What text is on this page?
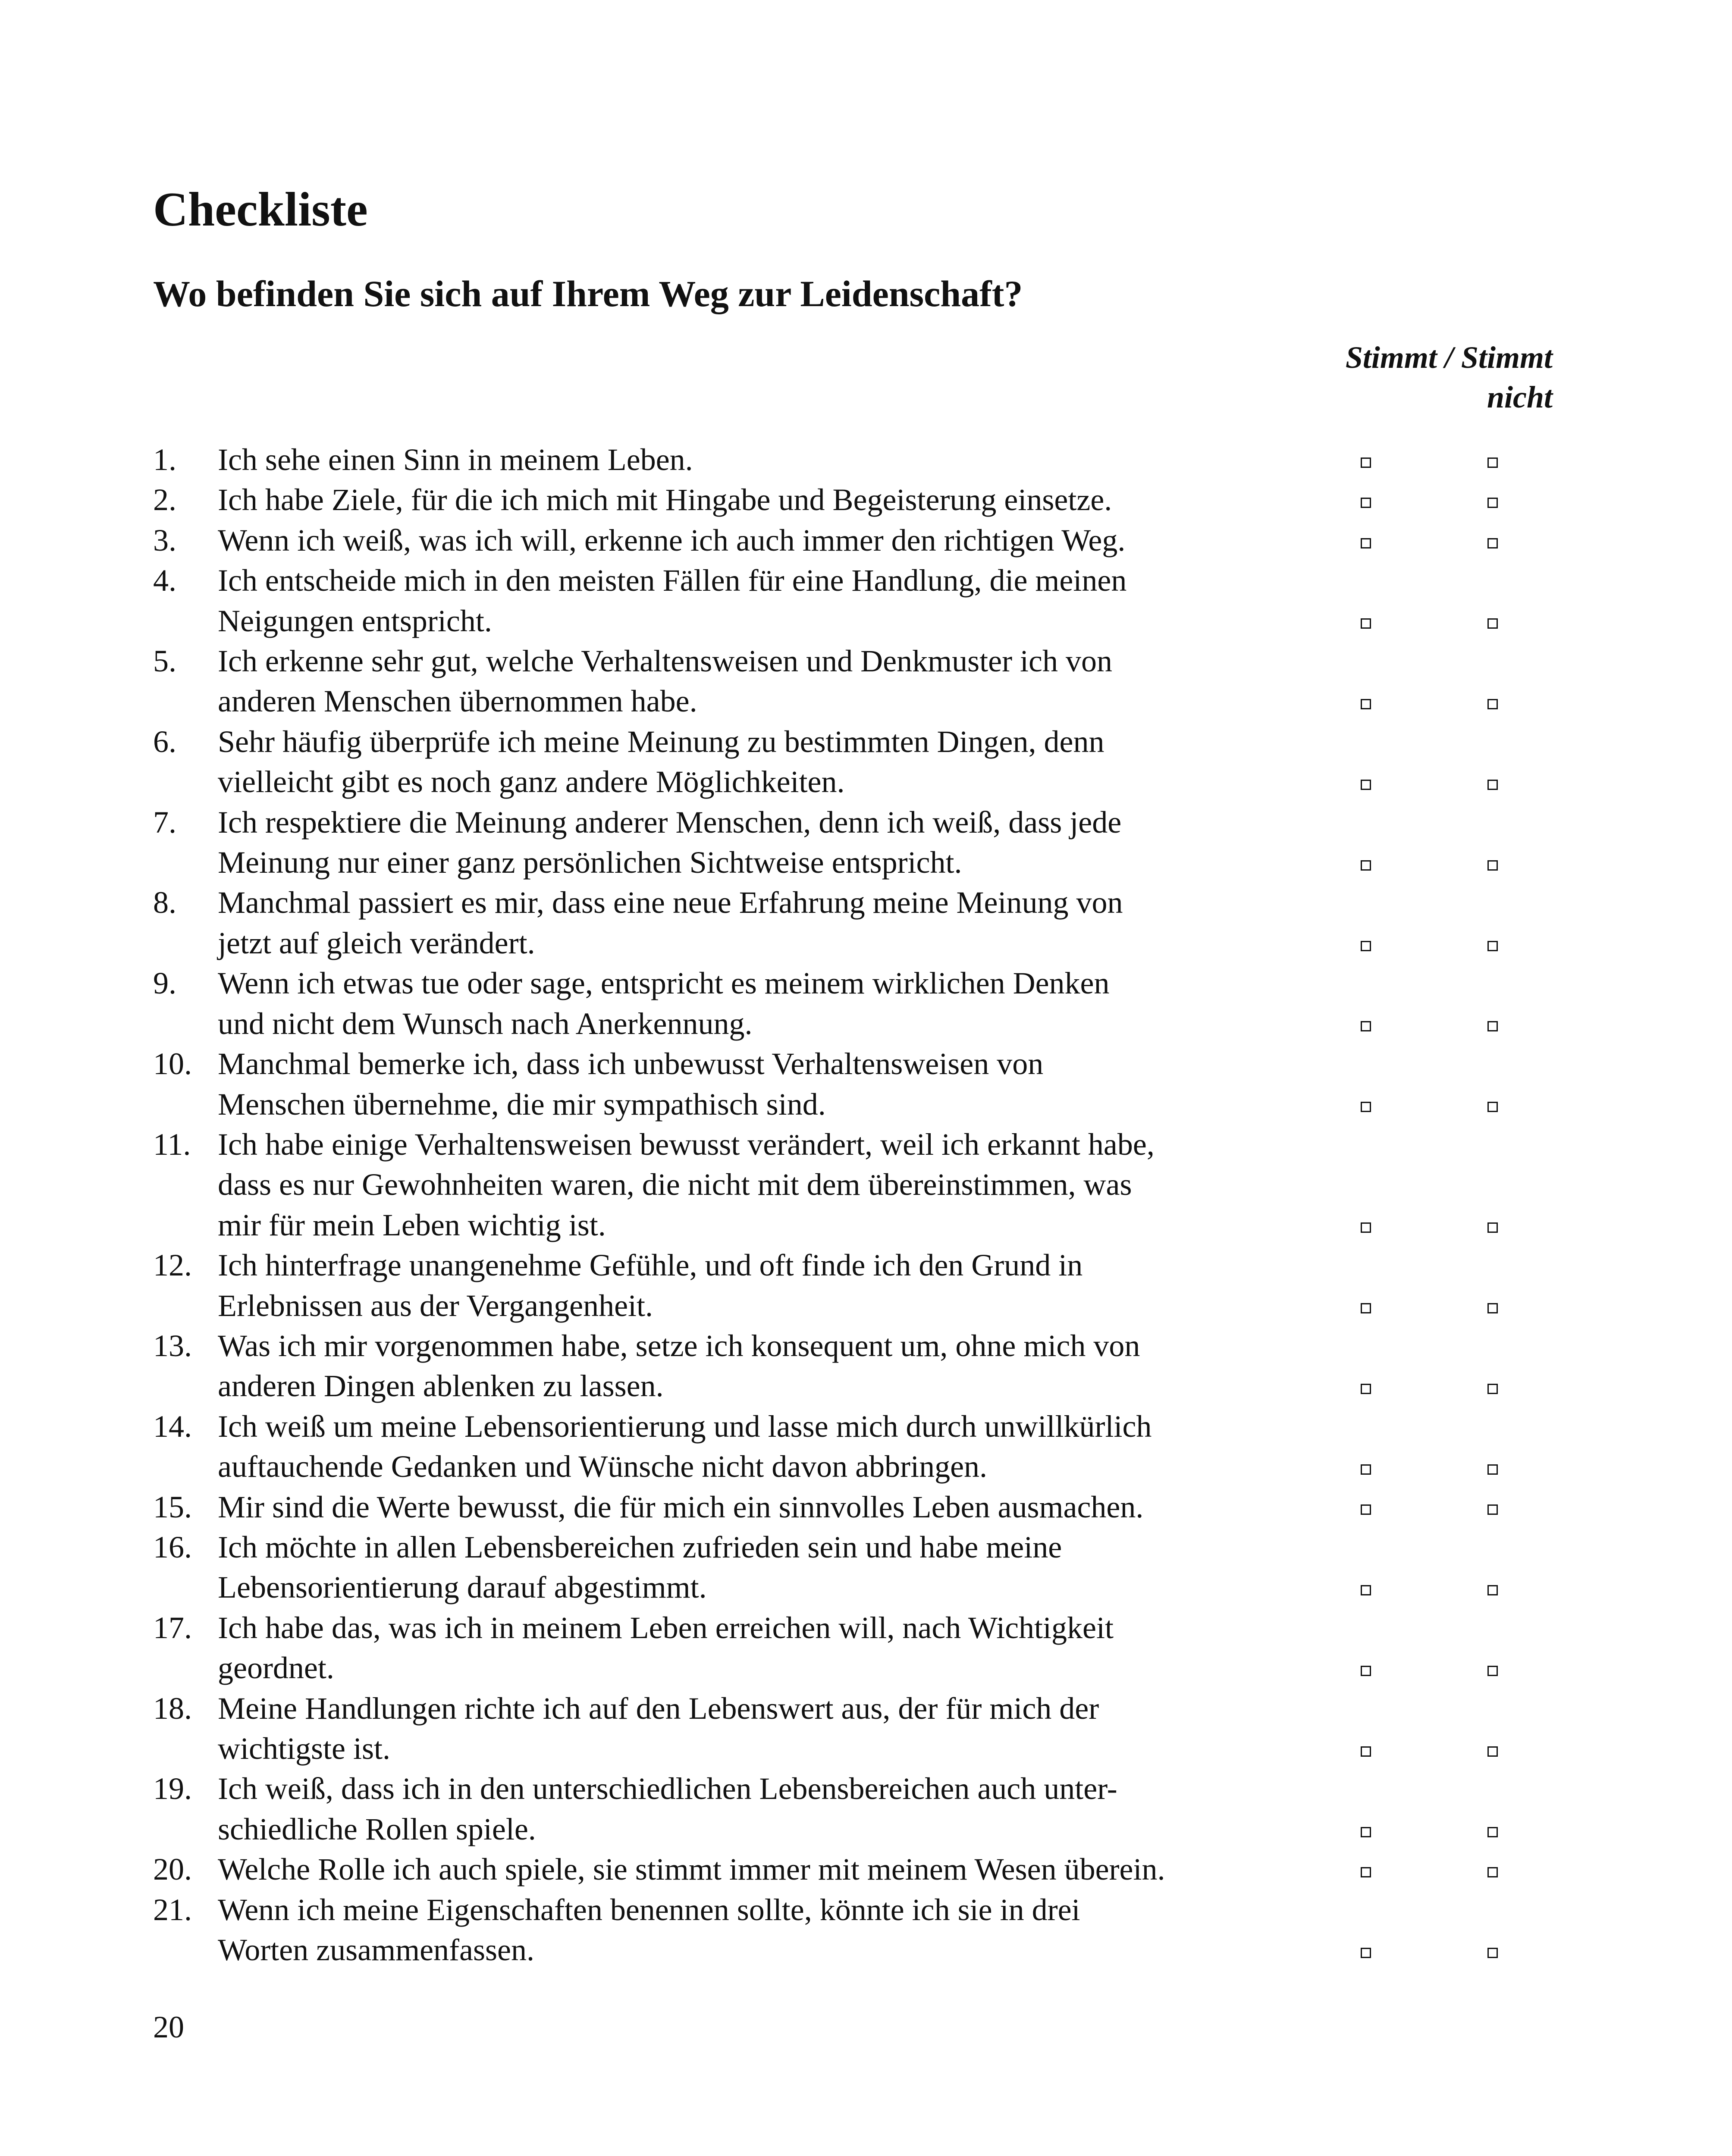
Checkliste
Wo befinden Sie sich auf Ihrem Weg zur Leidenschaft?
Stimmt / Stimmt
nicht
1.	Ich sehe einen Sinn in meinem Leben.
2.	Ich habe Ziele, für die ich mich mit Hingabe und Begeisterung einsetze.
3.	Wenn ich weiß, was ich will, erkenne ich auch immer den richtigen Weg.
4.	Ich entscheide mich in den meisten Fällen für eine Handlung, die meinen
Neigungen entspricht.
5.	Ich erkenne sehr gut, welche Verhaltensweisen und Denkmuster ich von
anderen Menschen übernommen habe.
6.	Sehr häufig überprüfe ich meine Meinung zu bestimmten Dingen, denn
vielleicht gibt es noch ganz andere Möglichkeiten.
7.	Ich respektiere die Meinung anderer Menschen, denn ich weiß, dass jede
Meinung nur einer ganz persönlichen Sichtweise entspricht.
8.	Manchmal passiert es mir, dass eine neue Erfahrung meine Meinung von
jetzt auf gleich verändert.
9.	Wenn ich etwas tue oder sage, entspricht es meinem wirklichen Denken
und nicht dem Wunsch nach Anerkennung.
10. Manchmal bemerke ich, dass ich unbewusst Verhaltensweisen von
Menschen übernehme, die mir sympathisch sind.
11. Ich habe einige Verhaltensweisen bewusst verändert, weil ich erkannt habe,
dass es nur Gewohnheiten waren, die nicht mit dem übereinstimmen, was
mir für mein Leben wichtig ist.
12. Ich hinterfrage unangenehme Gefühle, und oft finde ich den Grund in
Erlebnissen aus der Vergangenheit.
13. Was ich mir vorgenommen habe, setze ich konsequent um, ohne mich von
anderen Dingen ablenken zu lassen.
14. Ich weiß um meine Lebensorientierung und lasse mich durch unwillkürlich
auftauchende Gedanken und Wünsche nicht davon abbringen.
15. Mir sind die Werte bewusst, die für mich ein sinnvolles Leben ausmachen.
16. Ich möchte in allen Lebensbereichen zufrieden sein und habe meine
Lebensorientierung darauf abgestimmt.
17. Ich habe das, was ich in meinem Leben erreichen will, nach Wichtigkeit
geordnet.
18. Meine Handlungen richte ich auf den Lebenswert aus, der für mich der
wichtigste ist.
19. Ich weiß, dass ich in den unterschiedlichen Lebensbereichen auch unter-
schiedliche Rollen spiele.
20. Welche Rolle ich auch spiele, sie stimmt immer mit meinem Wesen überein.
21. Wenn ich meine Eigenschaften benennen sollte, könnte ich sie in drei
Worten zusammenfassen.
20
